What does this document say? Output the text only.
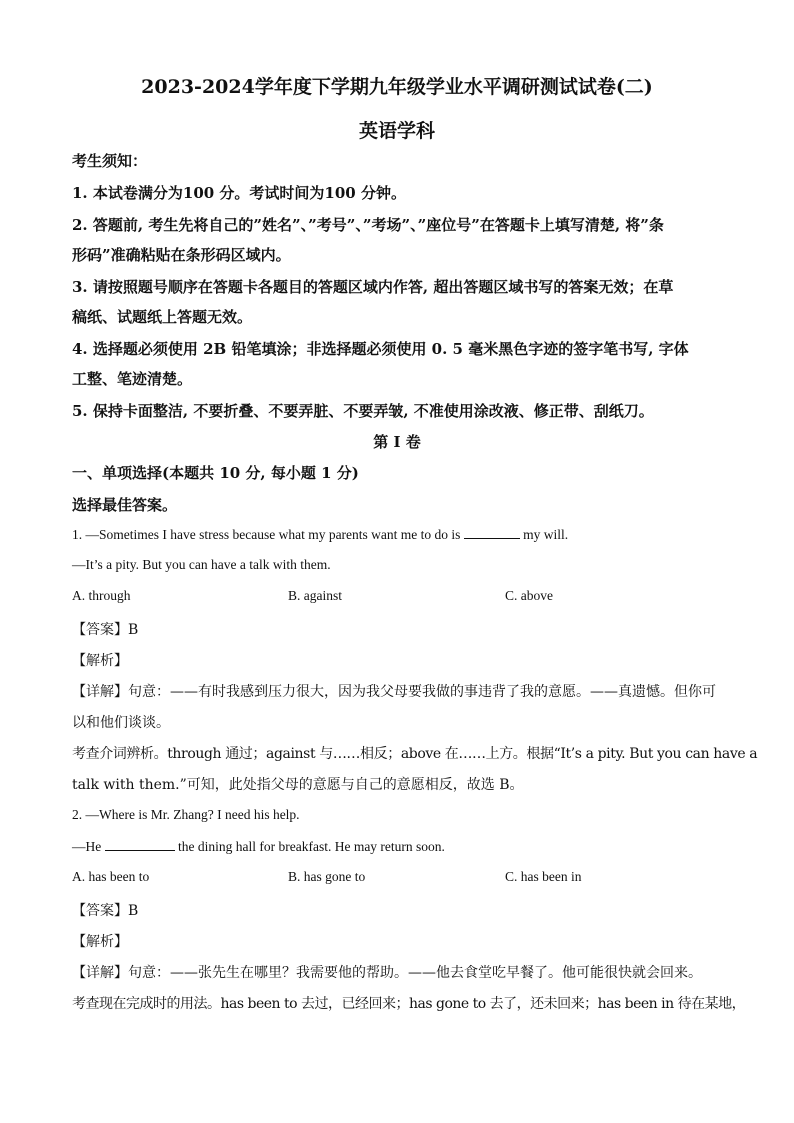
2023-2024学年度下学期九年级学业水平调研测试试卷(二)
英语学科
考生须知：
1. 本试卷满分为100 分。考试时间为100 分钟。
2. 答题前, 考生先将自己的”姓名”、”考号”、”考场”、”座位号”在答题卡上填写清楚, 将”条
形码”准确粘贴在条形码区域内。
3. 请按照题号顺序在答题卡各题目的答题区域内作答, 超出答题区域书写的答案无效；在草
稿纸、试题纸上答题无效。
4. 选择题必须使用 2B 铅笔填涂；非选择题必须使用 0. 5 毫米黑色字迹的签字笔书写, 字体
工整、笔迹清楚。
5. 保持卡面整洁, 不要折叠、不要弄脏、不要弄皱, 不准使用涂改液、修正带、刮纸刀。
第 I 卷
一、单项选择(本题共 10 分, 每小题 1 分)
选择最佳答案。
1. —Sometimes I have stress because what my parents want me to do is	my will.
—It’s a pity. But you can have a talk with them.
A. through	B. against	C. above
【答案】B
【解析】
【详解】句意：——有时我感到压力很大，因为我父母要我做的事违背了我的意愿。——真遗憾。但你可
以和他们谈谈。
考查介词辨析。through 通过；against 与……相反；above 在……上方。根据“It’s a pity. But you can have a
talk with them.”可知，此处指父母的意愿与自己的意愿相反，故选 B。
2. —Where is Mr. Zhang? I need his help.
—He	the dining hall for breakfast. He may return soon.
A. has been to	B. has gone to	C. has been in
【答案】B
【解析】
【详解】句意：——张先生在哪里？我需要他的帮助。——他去食堂吃早餐了。他可能很快就会回来。
考查现在完成时的用法。has been to 去过，已经回来；has gone to 去了，还未回来；has been in 待在某地，
